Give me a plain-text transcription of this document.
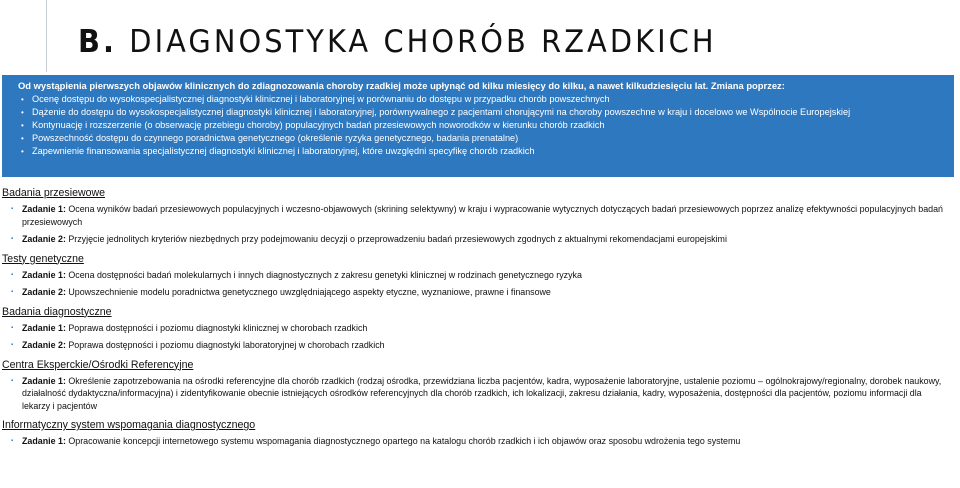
B. DIAGNOSTYKA CHORÓB RZADKICH
Od wystąpienia pierwszych objawów klinicznych do zdiagnozowania choroby rzadkiej może upłynąć od kilku miesięcy do kilku, a nawet kilkudziesięciu lat. Zmiana poprzez:
• Ocenę dostępu do wysokospecjalistycznej diagnostyki klinicznej i laboratoryjnej w porównaniu do dostępu w przypadku chorób powszechnych
• Dążenie do dostępu do wysokospecjalistycznej diagnostyki klinicznej i laboratoryjnej, porównywalnego z pacjentami chorującymi na choroby powszechne w kraju i docelowo we Wspólnocie Europejskiej
• Kontynuację i rozszerzenie (o obserwację przebiegu choroby) populacyjnych badań przesiewowych noworodków w kierunku chorób rzadkich
• Powszechność dostępu do czynnego poradnictwa genetycznego (określenie ryzyka genetycznego, badania prenatalne)
• Zapewnienie finansowania specjalistycznej diagnostyki klinicznej i laboratoryjnej, które uwzględni specyfikę chorób rzadkich
Badania przesiewowe
▪ Zadanie 1: Ocena wyników badań przesiewowych populacyjnych i wczesno-objawowych (skrining selektywny) w kraju i wypracowanie wytycznych dotyczących badań przesiewowych poprzez analizę efektywności populacyjnych badań przesiewowych
▪ Zadanie 2: Przyjęcie jednolitych kryteriów niezbędnych przy podejmowaniu decyzji o przeprowadzeniu badań przesiewowych zgodnych z aktualnymi rekomendacjami europejskimi
Testy genetyczne
▪ Zadanie 1: Ocena dostępności badań molekularnych i innych diagnostycznych z zakresu genetyki klinicznej w rodzinach genetycznego ryzyka
▪ Zadanie 2: Upowszechnienie modelu poradnictwa genetycznego uwzględniającego aspekty etyczne, wyznaniowe, prawne i finansowe
Badania diagnostyczne
▪ Zadanie 1: Poprawa dostępności i poziomu diagnostyki klinicznej w chorobach rzadkich
▪ Zadanie 2: Poprawa dostępności i poziomu diagnostyki laboratoryjnej w chorobach rzadkich
Centra Eksperckie/Ośrodki Referencyjne
▪ Zadanie 1: Określenie zapotrzebowania na ośrodki referencyjne dla chorób rzadkich (rodzaj ośrodka, przewidziana liczba pacjentów, kadra, wyposażenie laboratoryjne, ustalenie poziomu – ogólnokrajowy/regionalny, dorobek naukowy, działalność dydaktyczna/informacyjna) i zidentyfikowanie obecnie istniejących ośrodków referencyjnych dla chorób rzadkich, ich lokalizacji, zakresu działania, kadry, wyposażenia, dostępności dla pacjentów, poziomu informacji dla lekarzy i pacjentów
Informatyczny system wspomagania diagnostycznego
▪ Zadanie 1: Opracowanie koncepcji internetowego systemu wspomagania diagnostycznego opartego na katalogu chorób rzadkich i ich objawów oraz sposobu wdrożenia tego systemu
